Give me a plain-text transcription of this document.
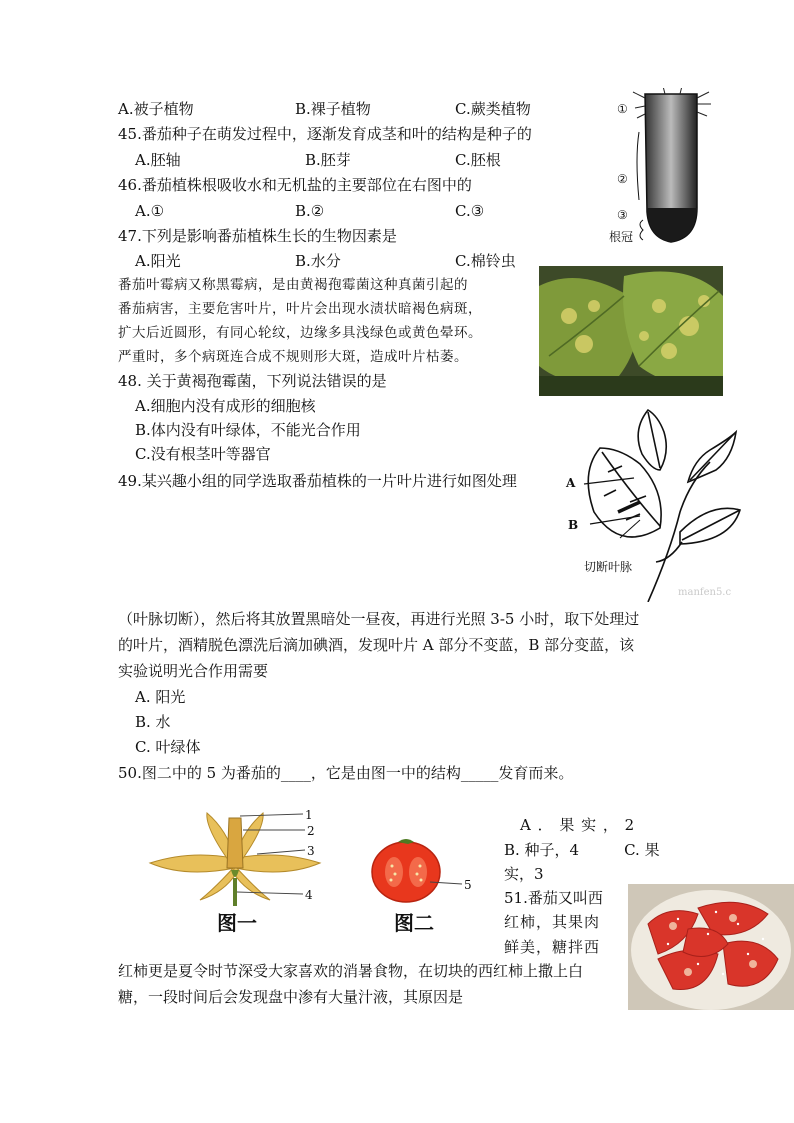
A.被子植物	B.裸子植物	C.蕨类植物
45.番茄种子在萌发过程中，逐渐发育成茎和叶的结构是种子的
A.胚轴	B.胚芽	C.胚根
46.番茄植株根吸收水和无机盐的主要部位在右图中的
A.①	B.②	C.③
47.下列是影响番茄植株生长的生物因素是
A.阳光	B.水分	C.棉铃虫
①
②
③
根冠
番茄叶霉病又称黑霉病，是由黄褐孢霉菌这种真菌引起的
番茄病害，主要危害叶片，叶片会出现水渍状暗褐色病斑，
扩大后近圆形，有同心轮纹，边缘多具浅绿色或黄色晕环。
严重时，多个病斑连合成不规则形大斑，造成叶片枯萎。
48. 关于黄褐孢霉菌，下列说法错误的是
A.细胞内没有成形的细胞核
B.体内没有叶绿体，不能光合作用
C.没有根茎叶等器官
49.某兴趣小组的同学选取番茄植株的一片叶片进行如图处理	A
B
切断叶脉
manfen5.c
（叶脉切断），然后将其放置黑暗处一昼夜，再进行光照 3-5 小时，取下处理过
的叶片，酒精脱色漂洗后滴加碘酒，发现叶片 A 部分不变蓝，B 部分变蓝，该
实验说明光合作用需要
A. 阳光
B. 水
C. 叶绿体
50.图二中的 5 为番茄的____，它是由图一中的结构_____发育而来。
1
2
3
4
图一
5
图二
A ． 果 实 ， 2
B. 种子，4　　　C. 果
实，3
51.番茄又叫西
红柿，其果肉
鲜美，糖拌西
红柿更是夏令时节深受大家喜欢的消暑食物，在切块的西红柿上撒上白
糖，一段时间后会发现盘中渗有大量汁液，其原因是
